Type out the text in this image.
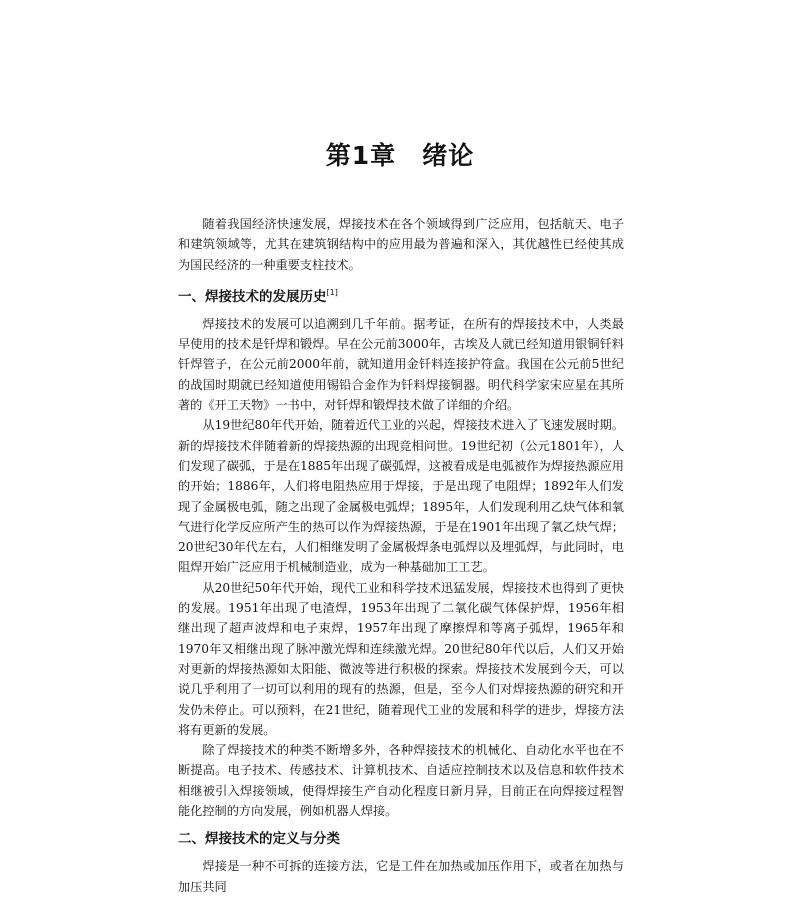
第1章 绪论

随着我国经济快速发展，焊接技术在各个领域得到广泛应用，包括航天、电子和建筑领域等，尤其在建筑钢结构中的应用最为普遍和深入，其优越性已经使其成为国民经济的一种重要支柱技术。

一、焊接技术的发展历史[1]

焊接技术的发展可以追溯到几千年前。据考证，在所有的焊接技术中，人类最早使用的技术是钎焊和锻焊。早在公元前3000年，古埃及人就已经知道用银铜钎料钎焊管子，在公元前2000年前，就知道用金钎料连接护符盒。我国在公元前5世纪的战国时期就已经知道使用锡铅合金作为钎料焊接铜器。明代科学家宋应星在其所著的《开工天物》一书中，对钎焊和锻焊技术做了详细的介绍。

从19世纪80年代开始，随着近代工业的兴起，焊接技术进入了飞速发展时期。新的焊接技术伴随着新的焊接热源的出现竞相问世。19世纪初（公元1801年），人们发现了碳弧，于是在1885年出现了碳弧焊，这被看成是电弧被作为焊接热源应用的开始；1886年，人们将电阻热应用于焊接，于是出现了电阻焊；1892年人们发现了金属极电弧，随之出现了金属极电弧焊；1895年，人们发现利用乙炔气体和氧气进行化学反应所产生的热可以作为焊接热源，于是在1901年出现了氧乙炔气焊；20世纪30年代左右，人们相继发明了金属极焊条电弧焊以及埋弧焊，与此同时，电阻焊开始广泛应用于机械制造业，成为一种基础加工工艺。

从20世纪50年代开始，现代工业和科学技术迅猛发展，焊接技术也得到了更快的发展。1951年出现了电渣焊，1953年出现了二氧化碳气体保护焊，1956年相继出现了超声波焊和电子束焊，1957年出现了摩擦焊和等离子弧焊，1965年和1970年又相继出现了脉冲激光焊和连续激光焊。20世纪80年代以后，人们又开始对更新的焊接热源如太阳能、微波等进行积极的探索。焊接技术发展到今天，可以说几乎利用了一切可以利用的现有的热源，但是，至今人们对焊接热源的研究和开发仍未停止。可以预料，在21世纪，随着现代工业的发展和科学的进步，焊接方法将有更新的发展。

除了焊接技术的种类不断增多外，各种焊接技术的机械化、自动化水平也在不断提高。电子技术、传感技术、计算机技术、自适应控制技术以及信息和软件技术相继被引入焊接领域，使得焊接生产自动化程度日新月异，目前正在向焊接过程智能化控制的方向发展，例如机器人焊接。

二、焊接技术的定义与分类

焊接是一种不可拆的连接方法，它是工件在加热或加压作用下，或者在加热与加压共同
